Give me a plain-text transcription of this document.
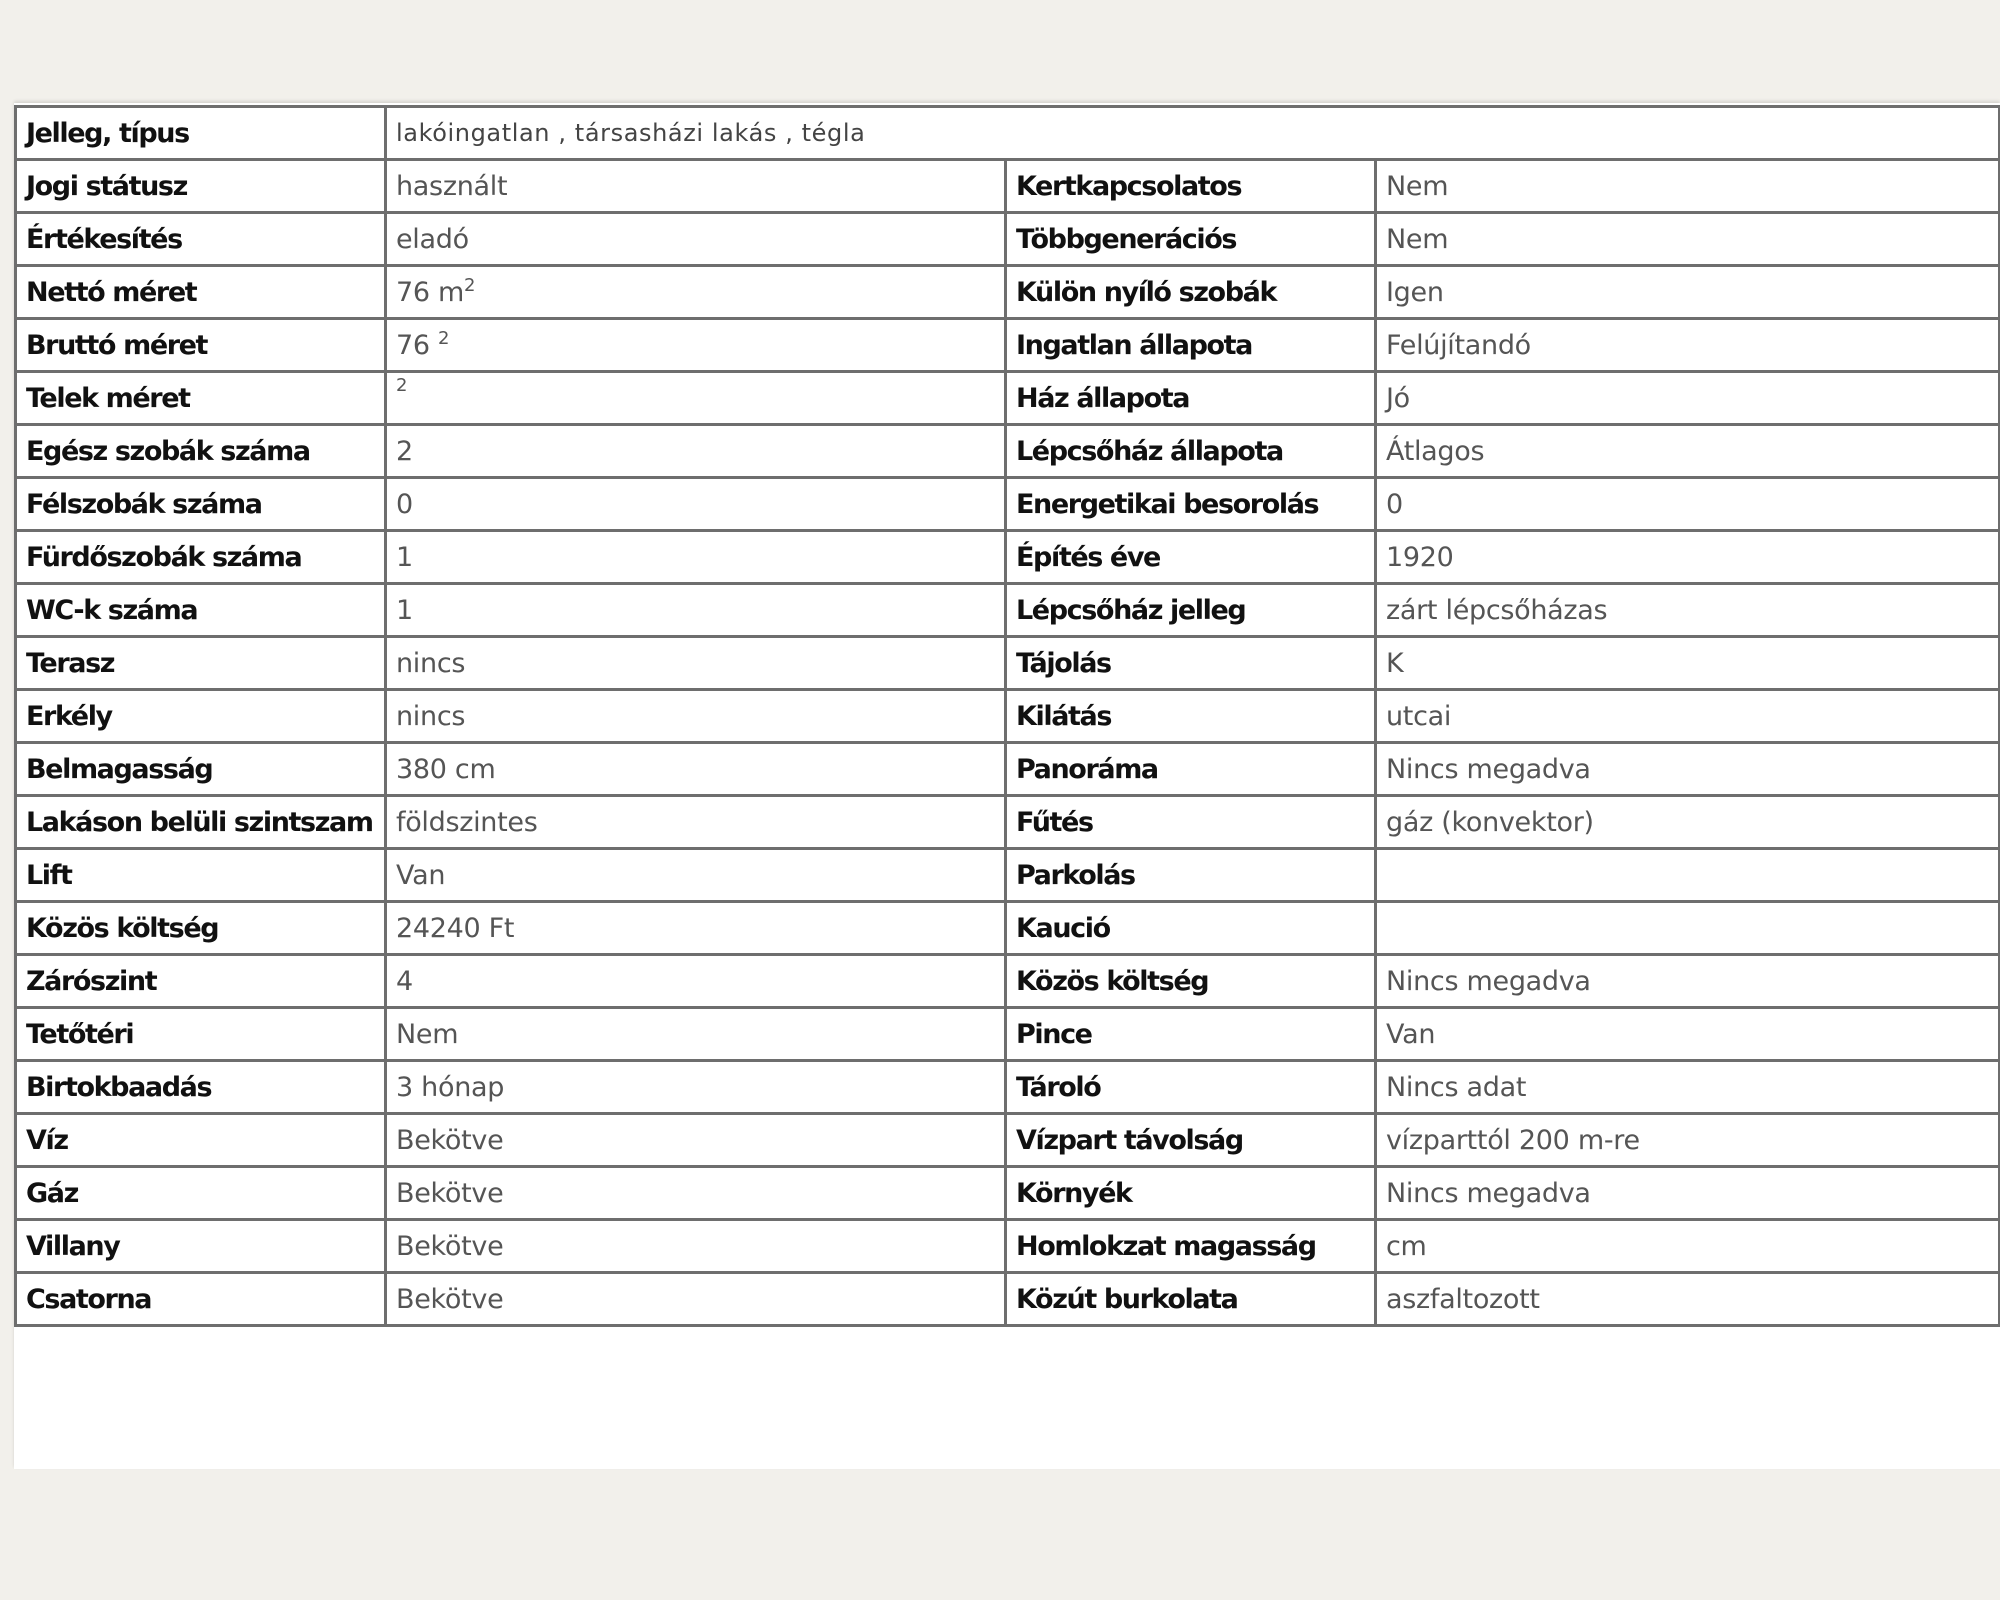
Jelleg, típus	lakóingatlan , társasházi lakás , tégla		
Jogi státusz	használt	Kertkapcsolatos	Nem
Értékesítés	eladó	Többgenerációs	Nem
Nettó méret	76 $m^2$	Külön nyíló szobák	Igen
Bruttó méret	76 $^2$	Ingatlan állapota	Felújítandó
Telek méret	$^2$	Ház állapota	Jó
Egész szobák száma	2	Lépcsőház állapota	Átlagos
Félszobák száma	0	Energetikai besorolás	0
Fürdőszobák száma	1	Építés éve	1920
WC-k száma	1	Lépcsőház jelleg	zárt lépcsőházas
Terasz	nincs	Tájolás	K
Erkély	nincs	Kilátás	utcai
Belmagasság	380 cm	Panoráma	Nincs megadva
Lakáson belüli szintszam	földszintes	Fűtés	gáz (konvektor)
Lift	Van	Parkolás	
Közös költség	24240 Ft	Kaució	
Zárószint	4	Közös költség	Nincs megadva
Tetőtéri	Nem	Pince	Van
Birtokbaadás	3 hónap	Tároló	Nincs adat
Víz	Bekötve	Vízpart távolság	vízparttól 200 m-re
Gáz	Bekötve	Környék	Nincs megadva
Villany	Bekötve	Homlokzat magasság	cm
Csatorna	Bekötve	Közút burkolata	aszfaltozott
